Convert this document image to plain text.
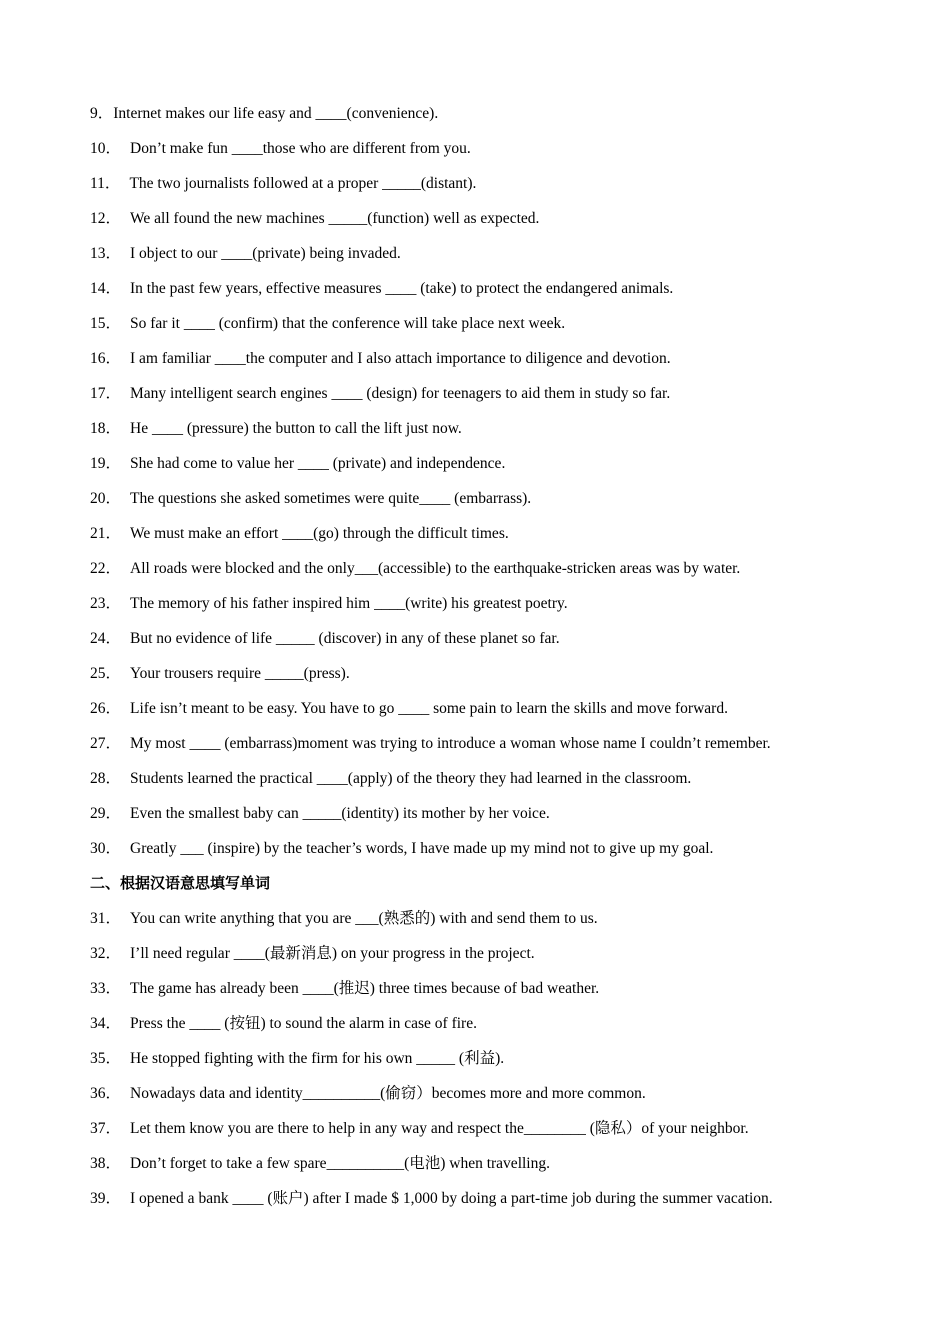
9．Internet makes our life easy and ____(convenience).
10． Don’t make fun ____those who are different from you.
11． The two journalists followed at a proper _____(distant).
12． We all found the new machines _____(function) well as expected.
13． I object to our ____(private) being invaded.
14． In the past few years, effective measures ____ (take) to protect the endangered animals.
15． So far it ____ (confirm) that the conference will take place next week.
16． I am familiar ____the computer and I also attach importance to diligence and devotion.
17． Many intelligent search engines ____ (design) for teenagers to aid them in study so far.
18． He ____ (pressure) the button to call the lift just now.
19． She had come to value her ____ (private) and independence.
20． The questions she asked sometimes were quite____ (embarrass).
21． We must make an effort ____(go) through the difficult times.
22． All roads were blocked and the only___(accessible) to the earthquake-stricken areas was by water.
23． The memory of his father inspired him ____(write) his greatest poetry.
24． But no evidence of life _____ (discover) in any of these planet so far.
25． Your trousers require _____(press).
26． Life isn’t meant to be easy. You have to go ____ some pain to learn the skills and move forward.
27． My most ____ (embarrass)moment was trying to introduce a woman whose name I couldn’t remember.
28． Students learned the practical ____(apply) of the theory they had learned in the classroom.
29． Even the smallest baby can _____(identity) its mother by her voice.
30． Greatly ___ (inspire) by the teacher’s words, I have made up my mind not to give up my goal.
二、根据汉语意思填写单词
31． You can write anything that you are ___(熟悉的) with and send them to us.
32． I’ll need regular ____(最新消息) on your progress in the project.
33． The game has already been ____(推迟) three times because of bad weather.
34． Press the ____ (按钮) to sound the alarm in case of fire.
35． He stopped fighting with the firm for his own _____ (利益).
36． Nowadays data and identity__________(偷窃）becomes more and more common.
37． Let them know you are there to help in any way and respect the________ (隐私）of your neighbor.
38． Don’t forget to take a few spare__________(电池) when travelling.
39． I opened a bank ____ (账户) after I made $ 1,000 by doing a part-time job during the summer vacation.
